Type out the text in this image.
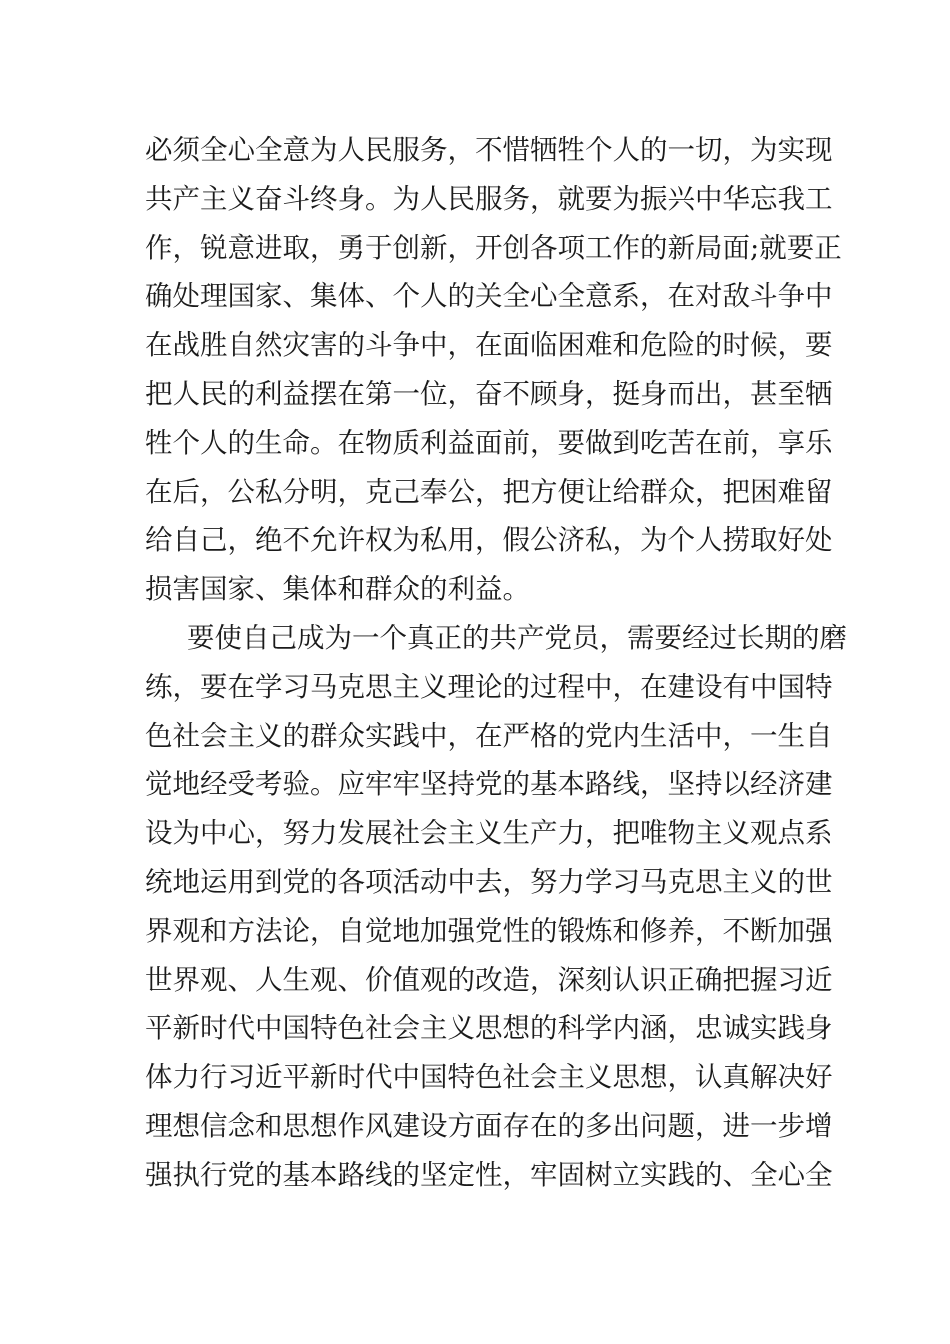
必须全心全意为人民服务，不惜牺牲个人的一切，为实现
共产主义奋斗终身。为人民服务，就要为振兴中华忘我工
作，锐意进取，勇于创新，开创各项工作的新局面;就要正
确处理国家、集体、个人的关全心全意系，在对敌斗争中
在战胜自然灾害的斗争中，在面临困难和危险的时候，要
把人民的利益摆在第一位，奋不顾身，挺身而出，甚至牺
牲个人的生命。在物质利益面前，要做到吃苦在前，享乐
在后，公私分明，克己奉公，把方便让给群众，把困难留
给自己，绝不允许权为私用，假公济私，为个人捞取好处
损害国家、集体和群众的利益。
要使自己成为一个真正的共产党员，需要经过长期的磨
练，要在学习马克思主义理论的过程中，在建设有中国特
色社会主义的群众实践中，在严格的党内生活中，一生自
觉地经受考验。应牢牢坚持党的基本路线，坚持以经济建
设为中心，努力发展社会主义生产力，把唯物主义观点系
统地运用到党的各项活动中去，努力学习马克思主义的世
界观和方法论，自觉地加强党性的锻炼和修养，不断加强
世界观、人生观、价值观的改造，深刻认识正确把握习近
平新时代中国特色社会主义思想的科学内涵，忠诚实践身
体力行习近平新时代中国特色社会主义思想，认真解决好
理想信念和思想作风建设方面存在的多出问题，进一步增
强执行党的基本路线的坚定性，牢固树立实践的、全心全
